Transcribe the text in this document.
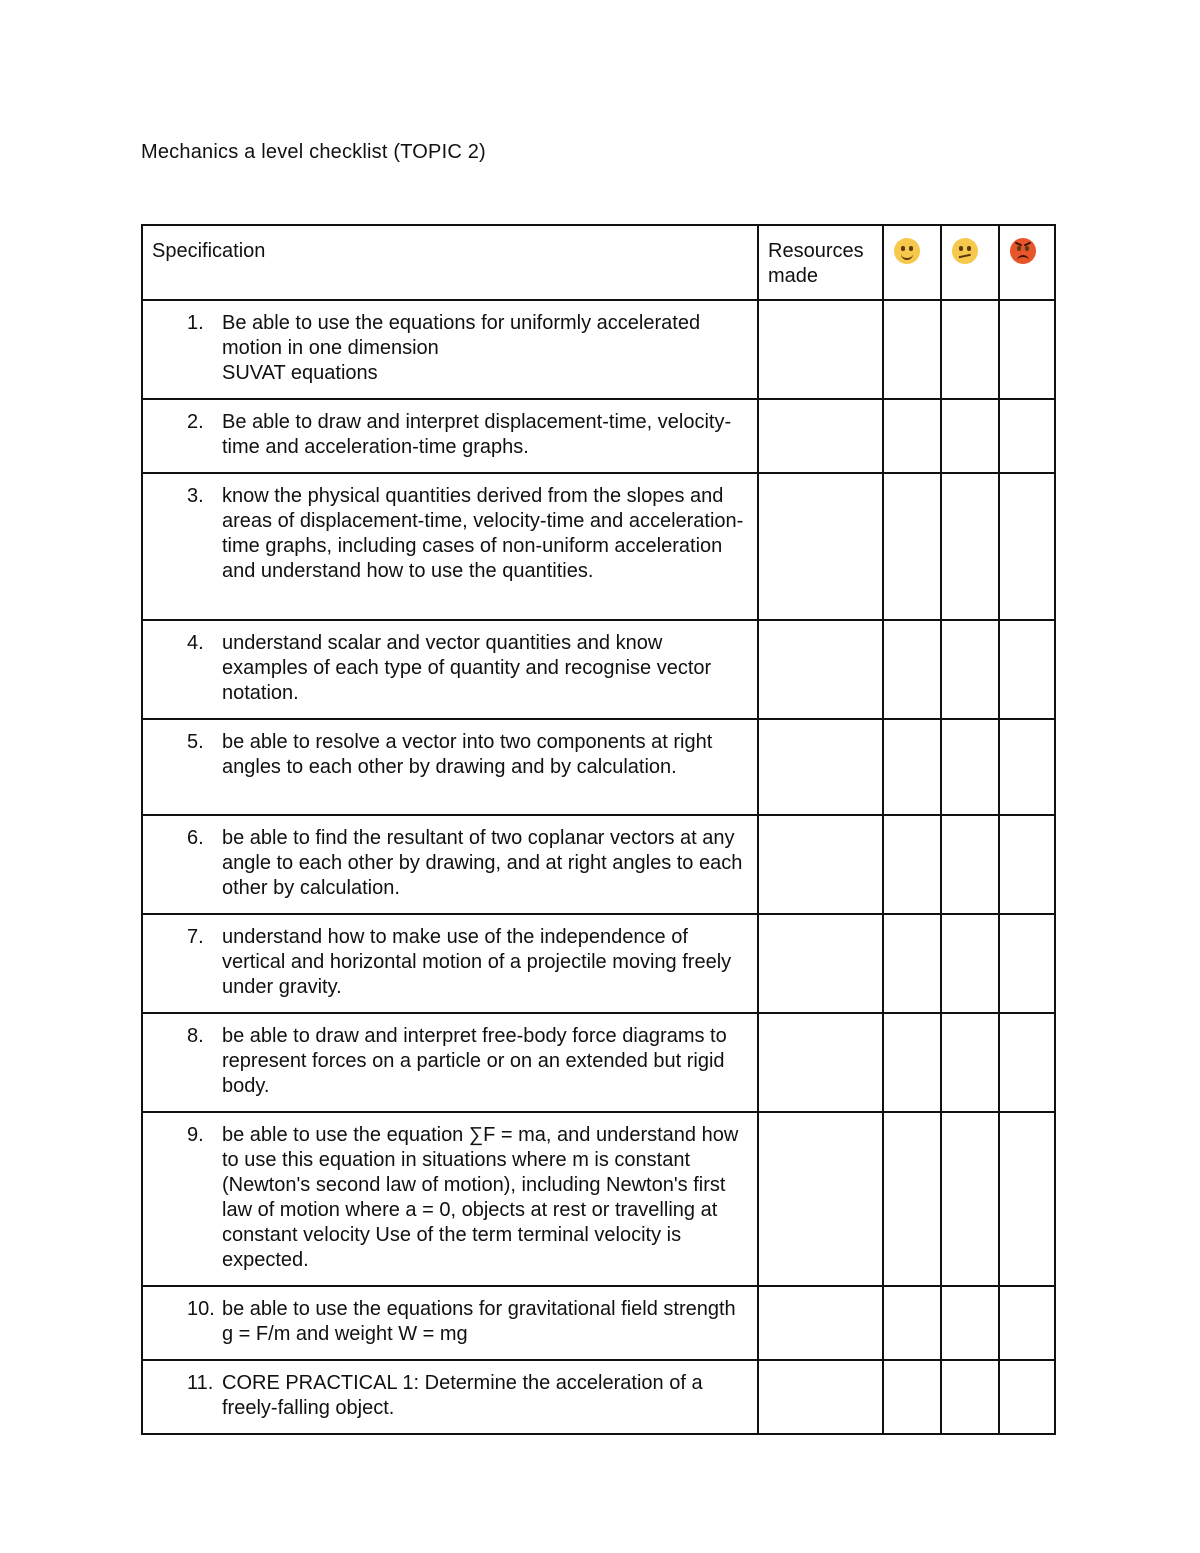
Mechanics a level checklist (TOPIC 2)
Specification	Resources made			

1. Be able to use the equations for uniformly accelerated motion in one dimension
SUVAT equations				

2. Be able to draw and interpret displacement-time, velocity-time and acceleration-time graphs.				

3. know the physical quantities derived from the slopes and areas of displacement-time, velocity-time and acceleration-time graphs, including cases of non-uniform acceleration and understand how to use the quantities.				

4. understand scalar and vector quantities and know examples of each type of quantity and recognise vector notation.				

5. be able to resolve a vector into two components at right angles to each other by drawing and by calculation.				

6. be able to find the resultant of two coplanar vectors at any angle to each other by drawing, and at right angles to each other by calculation.				

7. understand how to make use of the independence of vertical and horizontal motion of a projectile moving freely under gravity.				

8. be able to draw and interpret free-body force diagrams to represent forces on a particle or on an extended but rigid body.				

9. be able to use the equation ∑F = ma, and understand how to use this equation in situations where m is constant (Newton's second law of motion), including Newton's first law of motion where a = 0, objects at rest or travelling at constant velocity Use of the term terminal velocity is expected.				

10. be able to use the equations for gravitational field strength g = F/m and weight W = mg				

11. CORE PRACTICAL 1: Determine the acceleration of a freely-falling object.				
